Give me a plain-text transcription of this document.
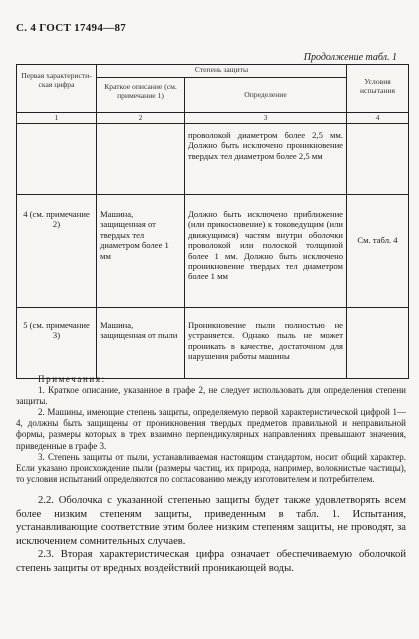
С. 4 ГОСТ 17494—87
Продолжение табл. 1
Первая характеристи-ская цифра	Степень защиты		Условия испытания
	Краткое описание (см. примечание 1)	Определение	
1	2	3	4
		проволокой диаметром более 2,5 мм. Должно быть исключено проникновение твердых тел диаметром более 2,5 мм	
4 (см. примечание 2)	Машина, защищенная от твердых тел диаметром более 1 мм	Должно быть исключено приближение (или прикосновение) к токоведущим (или движущимся) частям внутри оболочки проволокой или полоской толщиной более 1 мм. Должно быть исключено проникновение твердых тел диаметром более 1 мм	См. табл. 4
5 (см. примечание 3)	Машина, защищенная от пыли	Проникновение пыли полностью не устраняется. Однако пыль не может проникать в качестве, достаточном для нарушения работы машины	

Примечания:

1. Краткое описание, указанное в графе 2, не следует использовать для определения степени защиты.

2. Машины, имеющие степень защиты, определяемую первой характеристической цифрой 1—4, должны быть защищены от проникновения твердых предметов правильной и неправильной формы, размеры которых в трех взаимно перпендикулярных направлениях превышают значения, приведенные в графе 3.

3. Степень защиты от пыли, устанавливаемая настоящим стандартом, носит общий характер. Если указано происхождение пыли (размеры частиц, их природа, например, волокнистые частицы), то условия испытаний определяются по согласованию между изготовителем и потребителем.

2.2. Оболочка с указанной степенью защиты будет также удовлетворять всем более низким степеням защиты, приведенным в табл. 1. Испытания, устанавливающие соответствие этим более низким степеням защиты, не проводят, за исключением сомнительных случаев.

2.3. Вторая характеристическая цифра означает обеспечиваемую оболочкой степень защиты от вредных воздействий проникающей воды.
